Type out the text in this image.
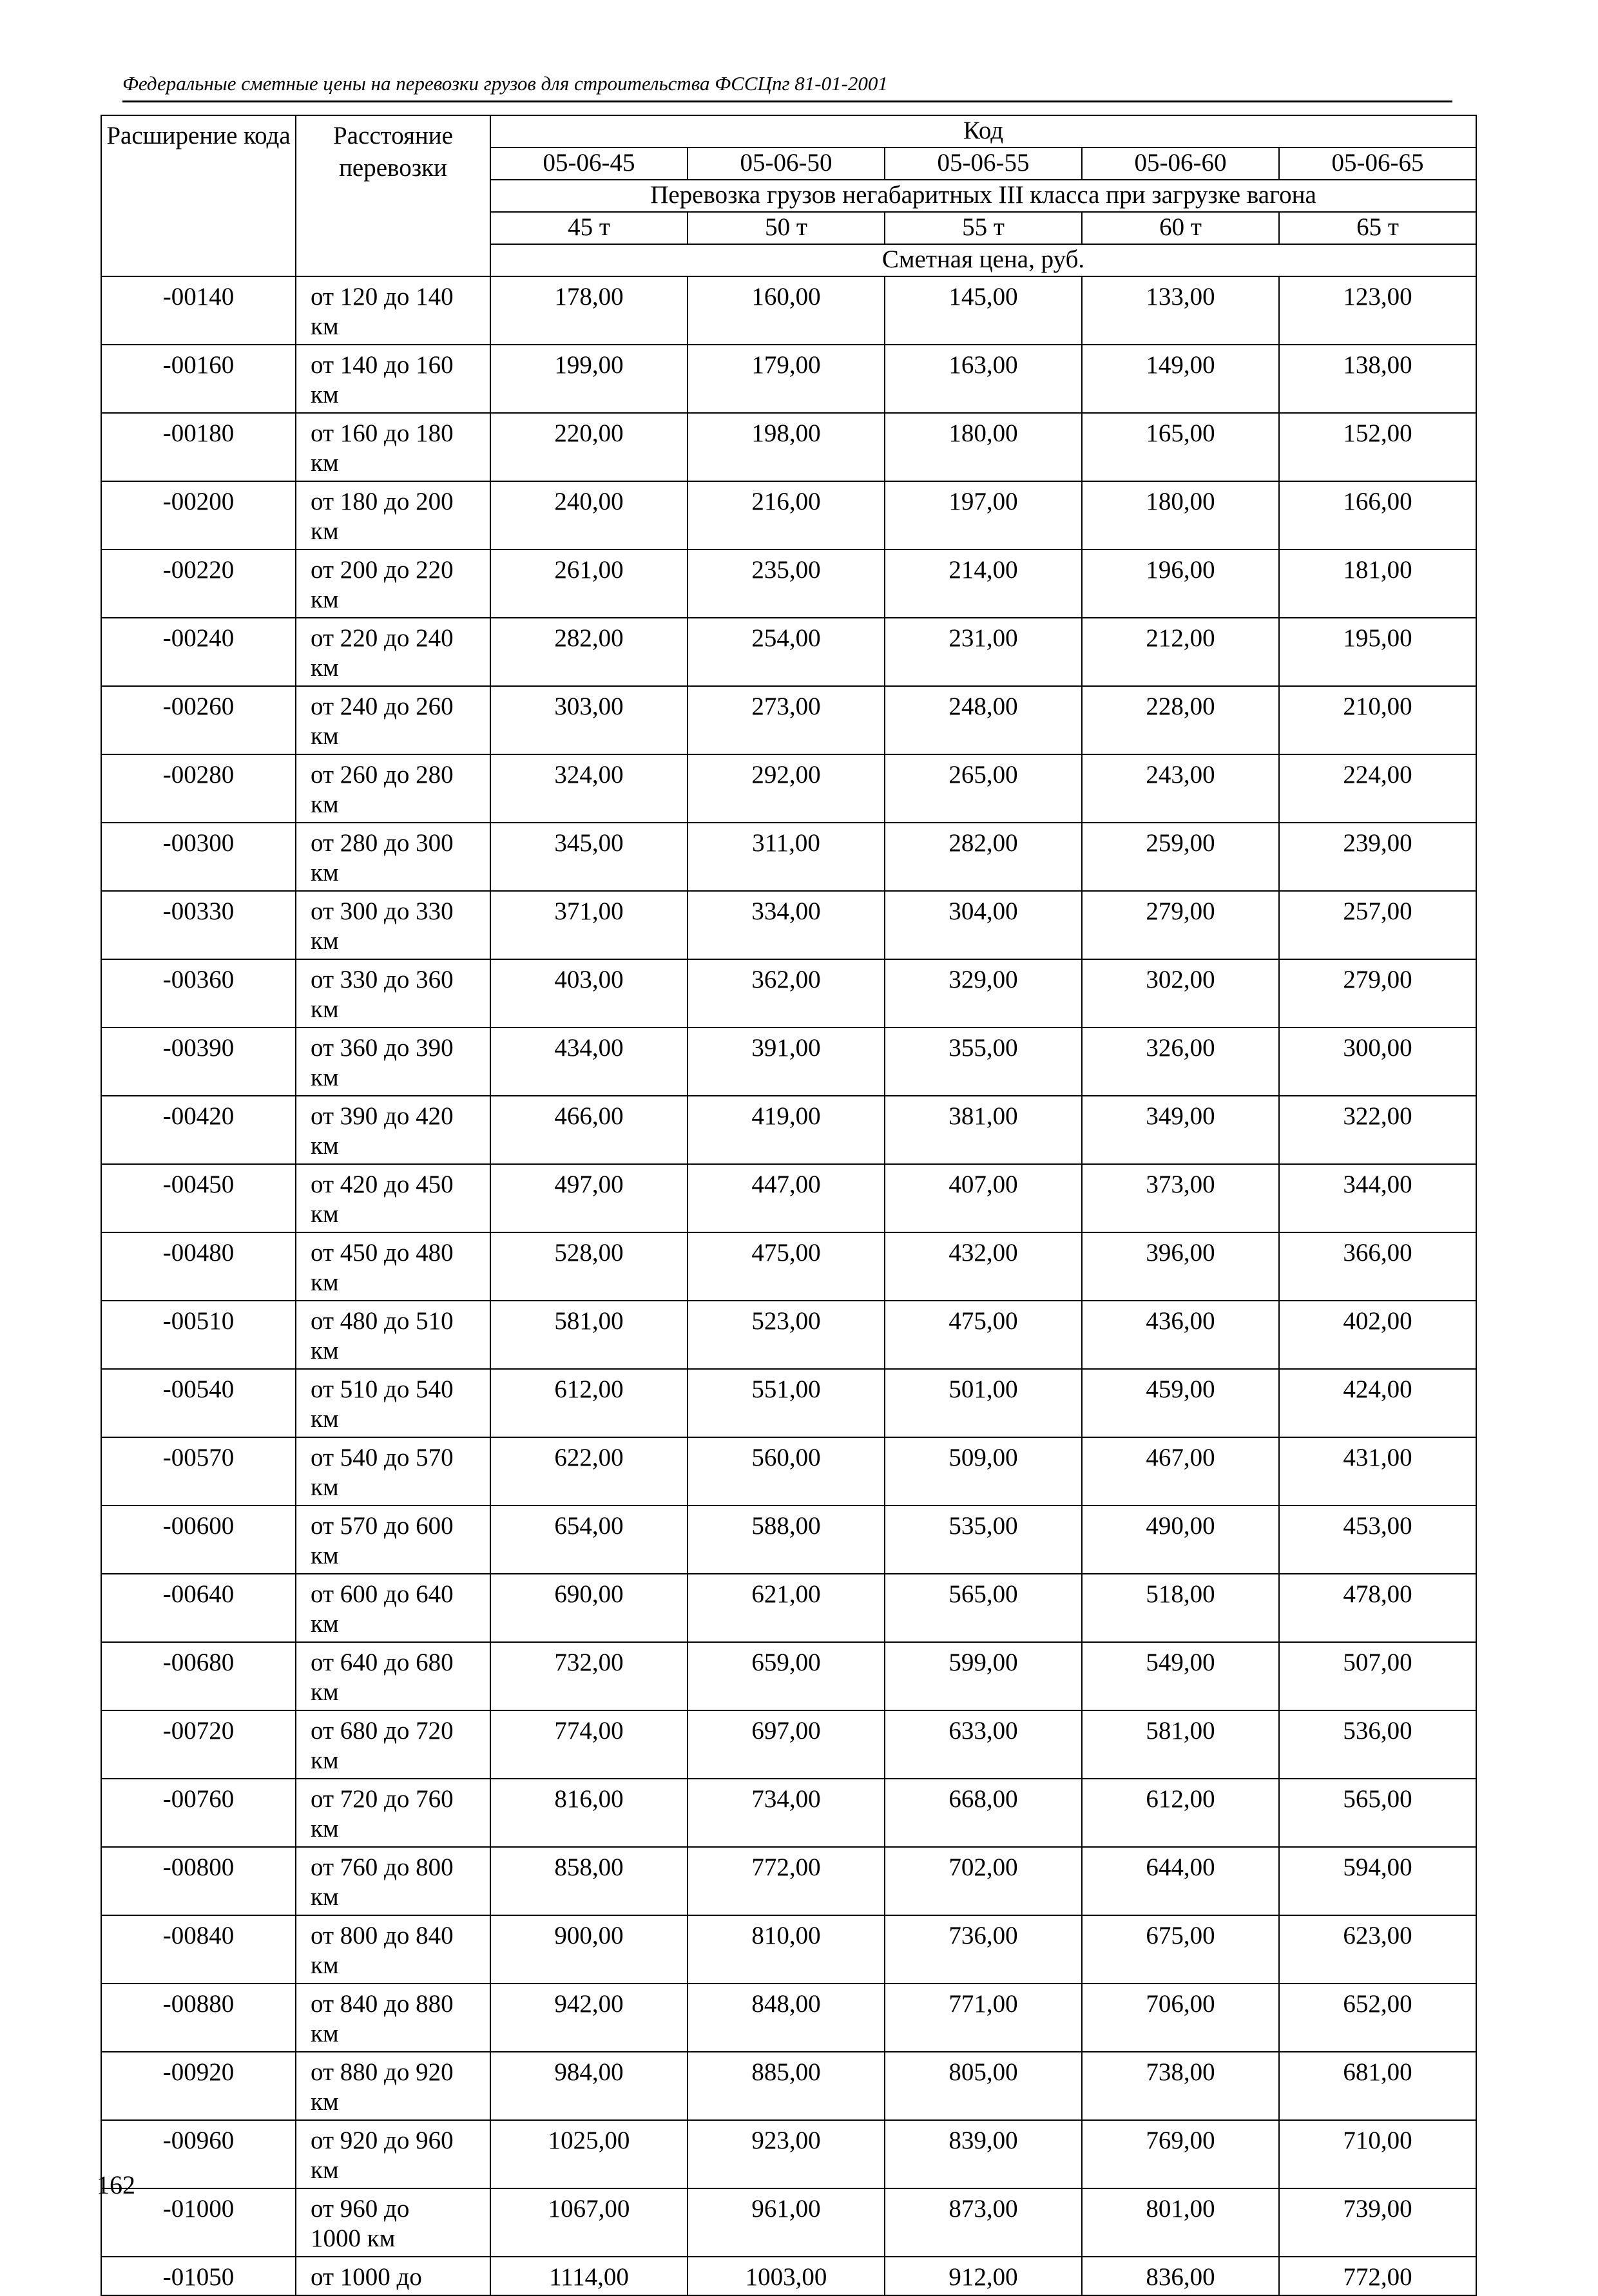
Федеральные сметные цены на перевозки грузов для строительства ФССЦпг 81-01-2001
Расширение кода	Расстояние перевозки	Код				
		05-06-45	05-06-50	05-06-55	05-06-60	05-06-65
		Перевозка грузов негабаритных III класса при загрузке вагона				
		45 т	50 т	55 т	60 т	65 т
		Сметная цена, руб.				
-00140	от 120 до 140
км	178,00	160,00	145,00	133,00	123,00
-00160	от 140 до 160
км	199,00	179,00	163,00	149,00	138,00
-00180	от 160 до 180
км	220,00	198,00	180,00	165,00	152,00
-00200	от 180 до 200
км	240,00	216,00	197,00	180,00	166,00
-00220	от 200 до 220
км	261,00	235,00	214,00	196,00	181,00
-00240	от 220 до 240
км	282,00	254,00	231,00	212,00	195,00
-00260	от 240 до 260
км	303,00	273,00	248,00	228,00	210,00
-00280	от 260 до 280
км	324,00	292,00	265,00	243,00	224,00
-00300	от 280 до 300
км	345,00	311,00	282,00	259,00	239,00
-00330	от 300 до 330
км	371,00	334,00	304,00	279,00	257,00
-00360	от 330 до 360
км	403,00	362,00	329,00	302,00	279,00
-00390	от 360 до 390
км	434,00	391,00	355,00	326,00	300,00
-00420	от 390 до 420
км	466,00	419,00	381,00	349,00	322,00
-00450	от 420 до 450
км	497,00	447,00	407,00	373,00	344,00
-00480	от 450 до 480
км	528,00	475,00	432,00	396,00	366,00
-00510	от 480 до 510
км	581,00	523,00	475,00	436,00	402,00
-00540	от 510 до 540
км	612,00	551,00	501,00	459,00	424,00
-00570	от 540 до 570
км	622,00	560,00	509,00	467,00	431,00
-00600	от 570 до 600
км	654,00	588,00	535,00	490,00	453,00
-00640	от 600 до 640
км	690,00	621,00	565,00	518,00	478,00
-00680	от 640 до 680
км	732,00	659,00	599,00	549,00	507,00
-00720	от 680 до 720
км	774,00	697,00	633,00	581,00	536,00
-00760	от 720 до 760
км	816,00	734,00	668,00	612,00	565,00
-00800	от 760 до 800
км	858,00	772,00	702,00	644,00	594,00
-00840	от 800 до 840
км	900,00	810,00	736,00	675,00	623,00
-00880	от 840 до 880
км	942,00	848,00	771,00	706,00	652,00
-00920	от 880 до 920
км	984,00	885,00	805,00	738,00	681,00
-00960	от 920 до 960
км	1025,00	923,00	839,00	769,00	710,00
-01000	от 960 до
1000 км	1067,00	961,00	873,00	801,00	739,00
-01050	от 1000 до	1114,00	1003,00	912,00	836,00	772,00
162
